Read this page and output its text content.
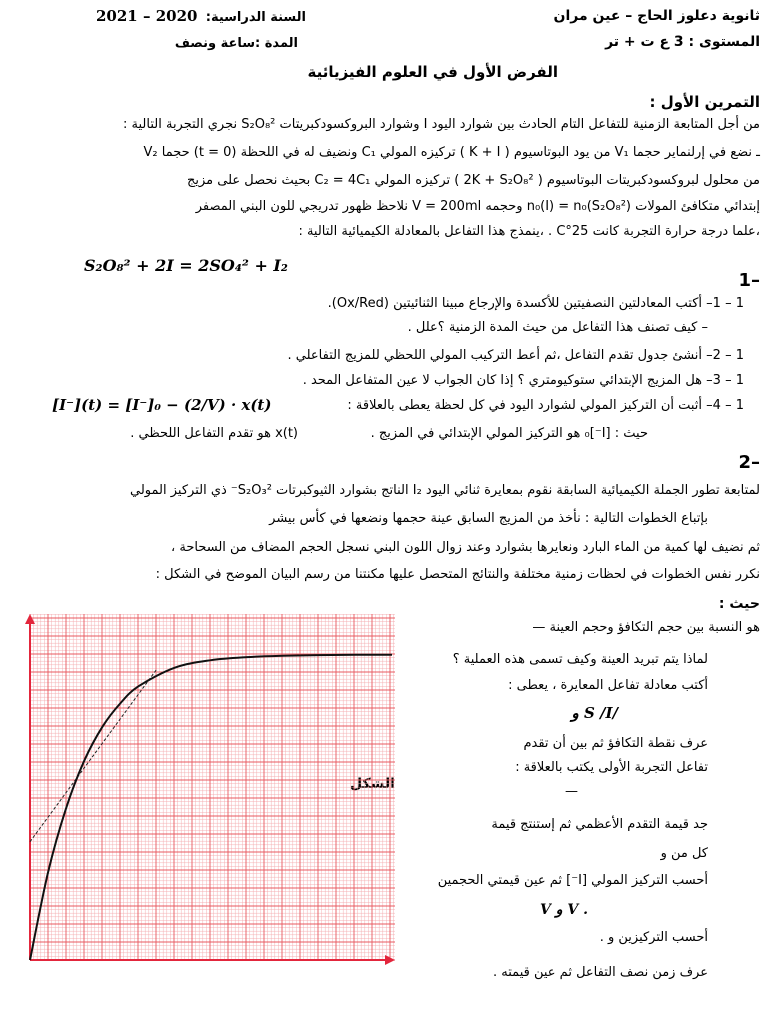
ثانوية دعلوز الحاج – عين مران
المستوى : 3 ع ت + تر
السنة الدراسية:
2021 – 2020
المدة :ساعة ونصف
الفرض الأول في العلوم الفيزيائية
التمرين الأول :
من أجل المتابعة الزمنية للتفاعل التام الحادث بين شوارد اليود I وشوارد البروكسودكبريتات S₂O₈² نجري التجربة التالية :
ـ نضع في إرلنماير حجما V₁ من يود البوتاسيوم ( K + I ) تركيزه المولي C₁ ونضيف له في اللحظة (t = 0) حجما V₂
من محلول لبروكسودكبريتات البوتاسيوم ( 2K + S₂O₈² ) تركيزه المولي C₂ = 4C₁ بحيث نحصل على مزيج
إبتدائي متكافئ المولات n₀(I) = n₀(S₂O₈²) وحجمه V = 200ml نلاحظ ظهور تدريجي للون البني المصفر
،علما درجة حرارة التجربة كانت 25°C . ،ينمذج هذا التفاعل بالمعادلة الكيميائية التالية :
S₂O₈² + 2I = 2SO₄² + I₂
1–
1 – 1– أكتب المعادلتين النصفيتين للأكسدة والإرجاع مبينا الثنائيتين (Ox/Red).
– كيف تصنف هذا التفاعل من حيث المدة الزمنية ؟علل .
1 – 2– أنشئ جدول تقدم التفاعل ،ثم أعط التركيب المولي اللحظي للمزيج التفاعلي .
1 – 3– هل المزيج الإبتدائي ستوكيومتري ؟ إذا كان الجواب لا عين المتفاعل المحد .
1 – 4– أثبت أن التركيز المولي لشوارد اليود في كل لحظة يعطى بالعلاقة :
[I⁻](t) = [I⁻]₀ − (2/V) · x(t)
حيث : [I⁻]₀ هو التركيز المولي الإبتدائي في المزيج .
x(t) هو تقدم التفاعل اللحظي .
2–
لمتابعة تطور الجملة الكيميائية السابقة نقوم بمعايرة ثنائي اليود I₂ الناتج بشوارد الثيوكبرتات S₂O₃²⁻ ذي التركيز المولي
بإتباع الخطوات التالية : نأخذ من المزيج السابق عينة حجمها ونضعها في كأس بيشر
ثم نضيف لها كمية من الماء البارد ونعايرها بشوارد وعند زوال اللون البني نسجل الحجم المضاف من السحاحة ،
نكرر نفس الخطوات في لحظات زمنية مختلفة والنتائج المتحصل عليها مكنتنا من رسم البيان الموضح في الشكل :
حيث :
هو النسبة بين حجم التكافؤ وحجم العينة —
لماذا يتم تبريد العينة وكيف تسمى هذه العملية ؟
أكتب معادلة تفاعل المعايرة ، يعطى :
/S /I و
عرف نقطة التكافؤ ثم بين أن تقدم
تفاعل التجربة الأولى يكتب بالعلاقة :
—
جد قيمة التقدم الأعظمي ثم إستنتج قيمة
كل من و
أحسب التركيز المولي [I⁻] ثم عين قيمتي الحجمين
. V و V
أحسب التركيزين و .
عرف زمن نصف التفاعل ثم عين قيمته .
الشكل
